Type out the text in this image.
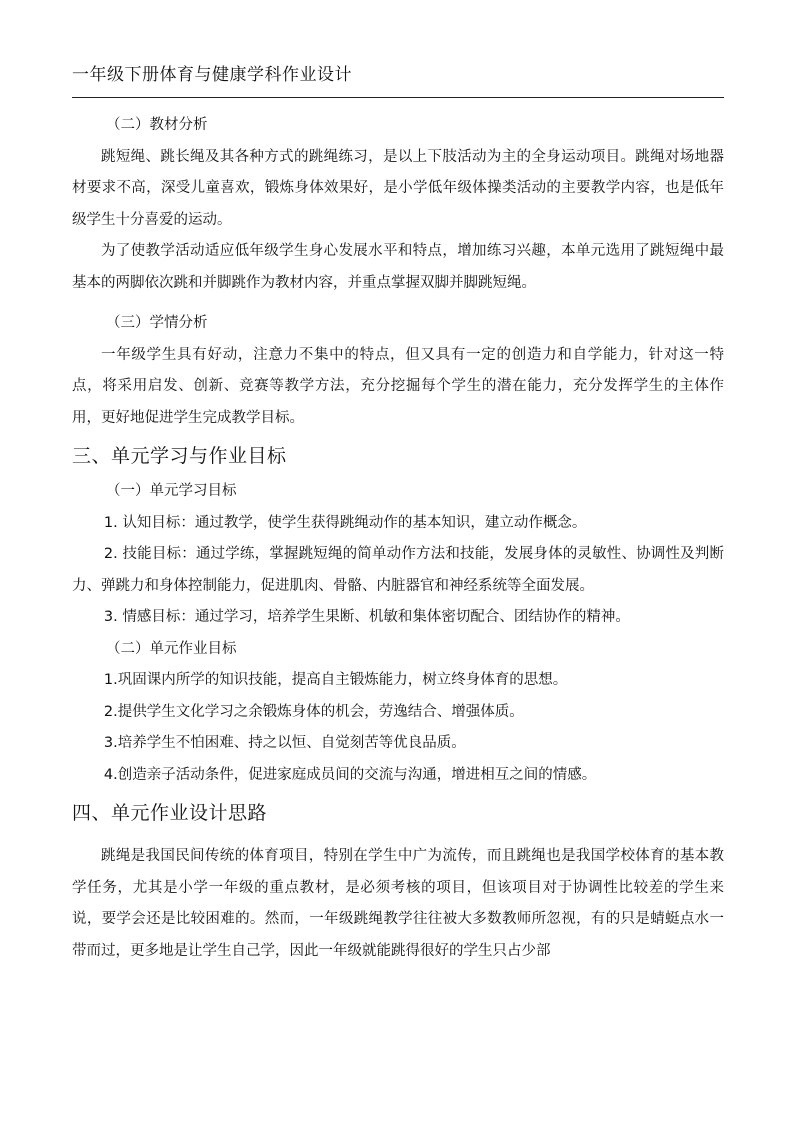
一年级下册体育与健康学科作业设计

（二）教材分析

跳短绳、跳长绳及其各种方式的跳绳练习，是以上下肢活动为主的全身运动项目。跳绳对场地器材要求不高，深受儿童喜欢，锻炼身体效果好，是小学低年级体操类活动的主要教学内容，也是低年级学生十分喜爱的运动。

为了使教学活动适应低年级学生身心发展水平和特点，增加练习兴趣，本单元选用了跳短绳中最基本的两脚依次跳和并脚跳作为教材内容，并重点掌握双脚并脚跳短绳。

（三）学情分析

一年级学生具有好动，注意力不集中的特点，但又具有一定的创造力和自学能力，针对这一特点，将采用启发、创新、竞赛等教学方法，充分挖掘每个学生的潜在能力，充分发挥学生的主体作用，更好地促进学生完成教学目标。

三、单元学习与作业目标

（一）单元学习目标

1. 认知目标：通过教学，使学生获得跳绳动作的基本知识，建立动作概念。

2. 技能目标：通过学练，掌握跳短绳的简单动作方法和技能，发展身体的灵敏性、协调性及判断力、弹跳力和身体控制能力，促进肌肉、骨骼、内脏器官和神经系统等全面发展。

3. 情感目标：通过学习，培养学生果断、机敏和集体密切配合、团结协作的精神。

（二）单元作业目标

1.巩固课内所学的知识技能，提高自主锻炼能力，树立终身体育的思想。

2.提供学生文化学习之余锻炼身体的机会，劳逸结合、增强体质。

3.培养学生不怕困难、持之以恒、自觉刻苦等优良品质。

4.创造亲子活动条件，促进家庭成员间的交流与沟通，增进相互之间的情感。

四、单元作业设计思路

跳绳是我国民间传统的体育项目，特别在学生中广为流传，而且跳绳也是我国学校体育的基本教学任务，尤其是小学一年级的重点教材，是必须考核的项目，但该项目对于协调性比较差的学生来说，要学会还是比较困难的。然而，一年级跳绳教学往往被大多数教师所忽视，有的只是蜻蜓点水一带而过，更多地是让学生自己学，因此一年级就能跳得很好的学生只占少部
